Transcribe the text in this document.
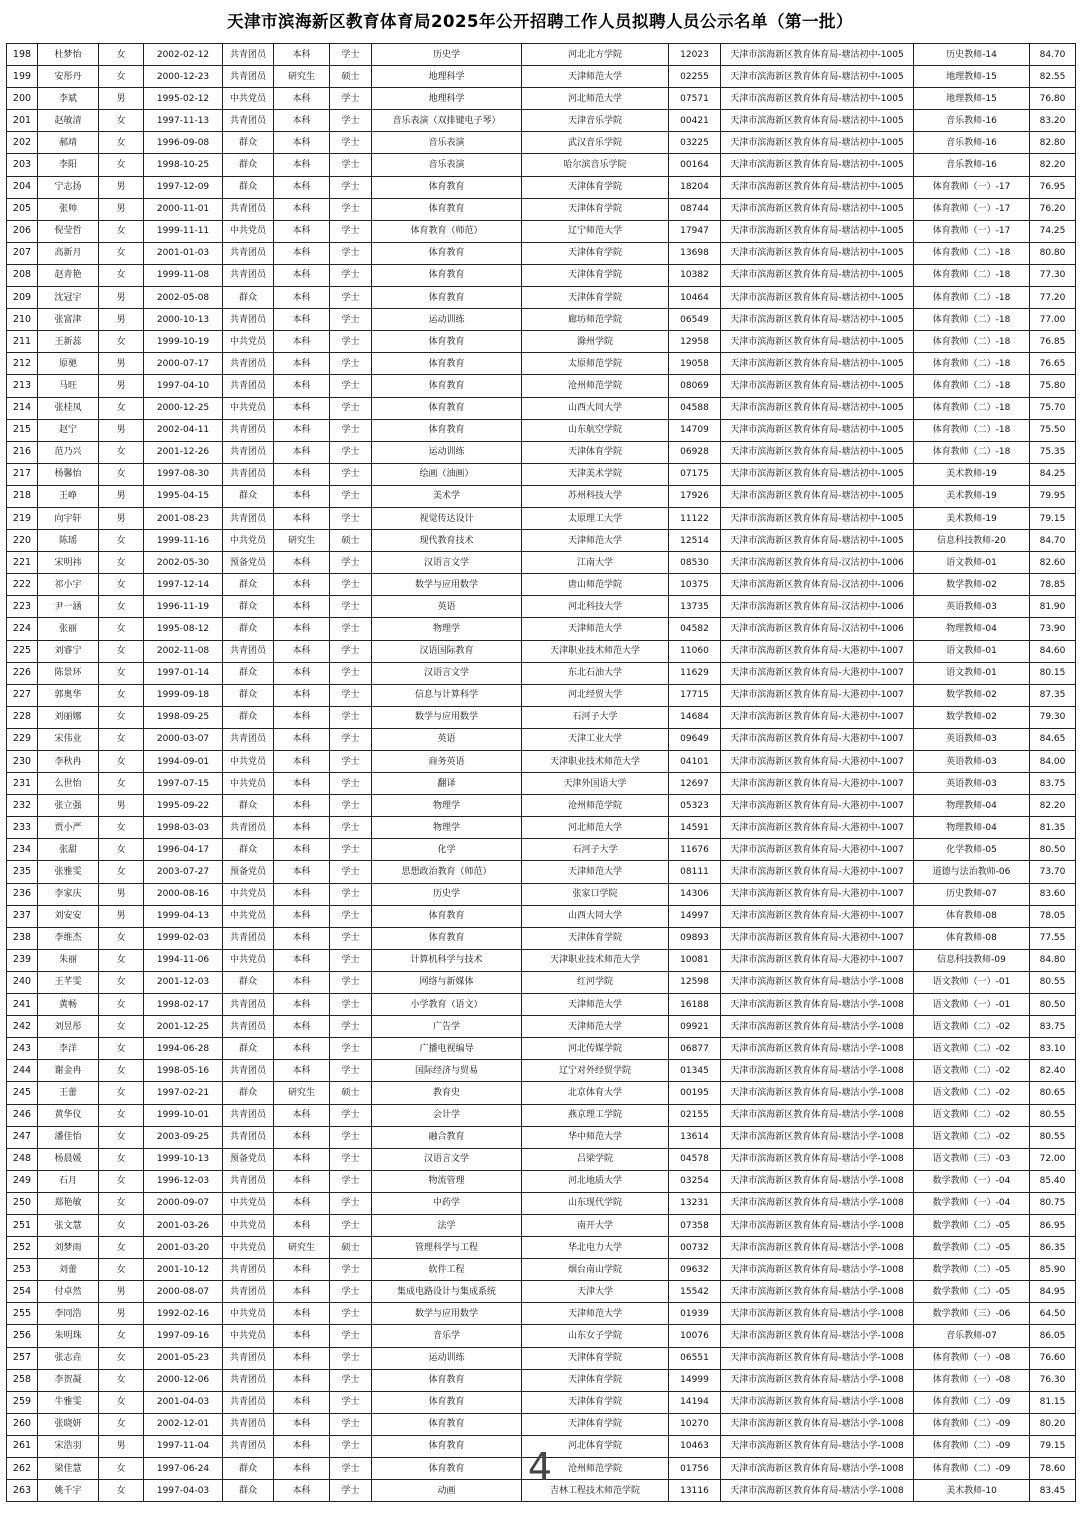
天津市滨海新区教育体育局2025年公开招聘工作人员拟聘人员公示名单（第一批）
198	杜梦怡	女	2002-02-12	共青团员	本科	学士	历史学	河北北方学院	12023	天津市滨海新区教育体育局-塘沽初中-1005	历史教师-14	84.70
199	安彤丹	女	2000-12-23	共青团员	研究生	硕士	地理科学	天津师范大学	02255	天津市滨海新区教育体育局-塘沽初中-1005	地理教师-15	82.55
200	李斌	男	1995-02-12	中共党员	本科	学士	地理科学	河北师范大学	07571	天津市滨海新区教育体育局-塘沽初中-1005	地理教师-15	76.80
201	赵敏清	女	1997-11-13	共青团员	本科	学士	音乐表演（双排键电子琴）	天津音乐学院	00421	天津市滨海新区教育体育局-塘沽初中-1005	音乐教师-16	83.20
202	郝靖	女	1996-09-08	群众	本科	学士	音乐表演	武汉音乐学院	03225	天津市滨海新区教育体育局-塘沽初中-1005	音乐教师-16	82.80
203	李阳	女	1998-10-25	群众	本科	学士	音乐表演	哈尔滨音乐学院	00164	天津市滨海新区教育体育局-塘沽初中-1005	音乐教师-16	82.20
204	宁志扬	男	1997-12-09	群众	本科	学士	体育教育	天津体育学院	18204	天津市滨海新区教育体育局-塘沽初中-1005	体育教师（一）-17	76.95
205	张帅	男	2000-11-01	共青团员	本科	学士	体育教育	天津体育学院	08744	天津市滨海新区教育体育局-塘沽初中-1005	体育教师（一）-17	76.20
206	倪莹哲	女	1999-11-11	中共党员	本科	学士	体育教育（师范）	辽宁师范大学	17947	天津市滨海新区教育体育局-塘沽初中-1005	体育教师（一）-17	74.25
207	高新月	女	2001-01-03	共青团员	本科	学士	体育教育	天津体育学院	13698	天津市滨海新区教育体育局-塘沽初中-1005	体育教师（二）-18	80.80
208	赵青艳	女	1999-11-08	共青团员	本科	学士	体育教育	天津体育学院	10382	天津市滨海新区教育体育局-塘沽初中-1005	体育教师（二）-18	77.30
209	沈冠宇	男	2002-05-08	群众	本科	学士	体育教育	天津体育学院	10464	天津市滨海新区教育体育局-塘沽初中-1005	体育教师（二）-18	77.20
210	张富津	男	2000-10-13	共青团员	本科	学士	运动训练	廊坊师范学院	06549	天津市滨海新区教育体育局-塘沽初中-1005	体育教师（二）-18	77.00
211	王新蕊	女	1999-10-19	中共党员	本科	学士	体育教育	滁州学院	12958	天津市滨海新区教育体育局-塘沽初中-1005	体育教师（二）-18	76.85
212	原驰	男	2000-07-17	共青团员	本科	学士	体育教育	太原师范学院	19058	天津市滨海新区教育体育局-塘沽初中-1005	体育教师（二）-18	76.65
213	马旺	男	1997-04-10	共青团员	本科	学士	体育教育	沧州师范学院	08069	天津市滨海新区教育体育局-塘沽初中-1005	体育教师（二）-18	75.80
214	张桂凤	女	2000-12-25	中共党员	本科	学士	体育教育	山西大同大学	04588	天津市滨海新区教育体育局-塘沽初中-1005	体育教师（二）-18	75.70
215	赵宁	男	2002-04-11	共青团员	本科	学士	体育教育	山东航空学院	14709	天津市滨海新区教育体育局-塘沽初中-1005	体育教师（二）-18	75.50
216	范乃兴	女	2001-12-26	共青团员	本科	学士	运动训练	天津体育学院	06928	天津市滨海新区教育体育局-塘沽初中-1005	体育教师（二）-18	75.35
217	杨馨怡	女	1997-08-30	共青团员	本科	学士	绘画（油画）	天津美术学院	07175	天津市滨海新区教育体育局-塘沽初中-1005	美术教师-19	84.25
218	王峥	男	1995-04-15	群众	本科	学士	美术学	苏州科技大学	17926	天津市滨海新区教育体育局-塘沽初中-1005	美术教师-19	79.95
219	向宇轩	男	2001-08-23	共青团员	本科	学士	视觉传达设计	太原理工大学	11122	天津市滨海新区教育体育局-塘沽初中-1005	美术教师-19	79.15
220	陈瑶	女	1999-11-16	中共党员	研究生	硕士	现代教育技术	天津师范大学	12514	天津市滨海新区教育体育局-塘沽初中-1005	信息科技教师-20	84.70
221	宋明祎	女	2002-05-30	预备党员	本科	学士	汉语言文学	江南大学	08530	天津市滨海新区教育体育局-汉沽初中-1006	语文教师-01	82.60
222	祁小宇	女	1997-12-14	群众	本科	学士	数学与应用数学	唐山师范学院	10375	天津市滨海新区教育体育局-汉沽初中-1006	数学教师-02	78.85
223	尹一涵	女	1996-11-19	群众	本科	学士	英语	河北科技大学	13735	天津市滨海新区教育体育局-汉沽初中-1006	英语教师-03	81.90
224	张丽	女	1995-08-12	群众	本科	学士	物理学	天津师范大学	04582	天津市滨海新区教育体育局-汉沽初中-1006	物理教师-04	73.90
225	刘睿宁	女	2002-11-08	共青团员	本科	学士	汉语国际教育	天津职业技术师范大学	11060	天津市滨海新区教育体育局-大港初中-1007	语文教师-01	84.60
226	陈景环	女	1997-01-14	群众	本科	学士	汉语言文学	东北石油大学	11629	天津市滨海新区教育体育局-大港初中-1007	语文教师-01	80.15
227	郭奥华	女	1999-09-18	群众	本科	学士	信息与计算科学	河北经贸大学	17715	天津市滨海新区教育体育局-大港初中-1007	数学教师-02	87.35
228	刘丽娜	女	1998-09-25	群众	本科	学士	数学与应用数学	石河子大学	14684	天津市滨海新区教育体育局-大港初中-1007	数学教师-02	79.30
229	宋伟业	女	2000-03-07	共青团员	本科	学士	英语	天津工业大学	09649	天津市滨海新区教育体育局-大港初中-1007	英语教师-03	84.65
230	李秋冉	女	1994-09-01	中共党员	本科	学士	商务英语	天津职业技术师范大学	04101	天津市滨海新区教育体育局-大港初中-1007	英语教师-03	84.00
231	么世怡	女	1997-07-15	中共党员	本科	学士	翻译	天津外国语大学	12697	天津市滨海新区教育体育局-大港初中-1007	英语教师-03	83.75
232	张立强	男	1995-09-22	群众	本科	学士	物理学	沧州师范学院	05323	天津市滨海新区教育体育局-大港初中-1007	物理教师-04	82.20
233	贾小严	女	1998-03-03	共青团员	本科	学士	物理学	河北师范大学	14591	天津市滨海新区教育体育局-大港初中-1007	物理教师-04	81.35
234	张甜	女	1996-04-17	群众	本科	学士	化学	石河子大学	11676	天津市滨海新区教育体育局-大港初中-1007	化学教师-05	80.50
235	张雅雯	女	2003-07-27	预备党员	本科	学士	思想政治教育（师范）	天津师范大学	08111	天津市滨海新区教育体育局-大港初中-1007	道德与法治教师-06	73.70
236	李家庆	男	2000-08-16	中共党员	本科	学士	历史学	张家口学院	14306	天津市滨海新区教育体育局-大港初中-1007	历史教师-07	83.60
237	刘安安	男	1999-04-13	中共党员	本科	学士	体育教育	山西大同大学	14997	天津市滨海新区教育体育局-大港初中-1007	体育教师-08	78.05
238	李维杰	女	1999-02-03	共青团员	本科	学士	体育教育	天津体育学院	09893	天津市滨海新区教育体育局-大港初中-1007	体育教师-08	77.55
239	朱丽	女	1994-11-06	中共党员	本科	学士	计算机科学与技术	天津职业技术师范大学	10081	天津市滨海新区教育体育局-大港初中-1007	信息科技教师-09	84.80
240	王芊雯	女	2001-12-03	群众	本科	学士	网络与新媒体	红河学院	12598	天津市滨海新区教育体育局-塘沽小学-1008	语文教师（一）-01	80.55
241	黄畅	女	1998-02-17	共青团员	本科	学士	小学教育（语文）	天津师范大学	16188	天津市滨海新区教育体育局-塘沽小学-1008	语文教师（一）-01	80.50
242	刘昱彤	女	2001-12-25	共青团员	本科	学士	广告学	天津师范大学	09921	天津市滨海新区教育体育局-塘沽小学-1008	语文教师（二）-02	83.75
243	李洋	女	1994-06-28	群众	本科	学士	广播电视编导	河北传媒学院	06877	天津市滨海新区教育体育局-塘沽小学-1008	语文教师（二）-02	83.10
244	谢金冉	女	1998-05-16	共青团员	本科	学士	国际经济与贸易	辽宁对外经贸学院	01345	天津市滨海新区教育体育局-塘沽小学-1008	语文教师（二）-02	82.40
245	王蕾	女	1997-02-21	群众	研究生	硕士	教育史	北京体育大学	00195	天津市滨海新区教育体育局-塘沽小学-1008	语文教师（二）-02	80.65
246	黄华仪	女	1999-10-01	共青团员	本科	学士	会计学	燕京理工学院	02155	天津市滨海新区教育体育局-塘沽小学-1008	语文教师（二）-02	80.55
247	潘佳怡	女	2003-09-25	共青团员	本科	学士	融合教育	华中师范大学	13614	天津市滨海新区教育体育局-塘沽小学-1008	语文教师（二）-02	80.55
248	杨晨媛	女	1999-10-13	预备党员	本科	学士	汉语言文学	吕梁学院	04578	天津市滨海新区教育体育局-塘沽小学-1008	语文教师（三）-03	72.00
249	石月	女	1996-12-03	共青团员	本科	学士	物流管理	河北地质大学	03254	天津市滨海新区教育体育局-塘沽小学-1008	数学教师（一）-04	85.40
250	郑艳敏	女	2000-09-07	中共党员	本科	学士	中药学	山东现代学院	13231	天津市滨海新区教育体育局-塘沽小学-1008	数学教师（一）-04	80.75
251	张文慧	女	2001-03-26	中共党员	本科	学士	法学	南开大学	07358	天津市滨海新区教育体育局-塘沽小学-1008	数学教师（二）-05	86.95
252	刘梦雨	女	2001-03-20	中共党员	研究生	硕士	管理科学与工程	华北电力大学	00732	天津市滨海新区教育体育局-塘沽小学-1008	数学教师（二）-05	86.35
253	刘蕾	女	2001-10-12	共青团员	本科	学士	软件工程	烟台南山学院	09632	天津市滨海新区教育体育局-塘沽小学-1008	数学教师（二）-05	85.90
254	付卓然	男	2000-08-07	共青团员	本科	学士	集成电路设计与集成系统	天津大学	15542	天津市滨海新区教育体育局-塘沽小学-1008	数学教师（二）-05	84.95
255	李同浩	男	1992-02-16	中共党员	本科	学士	数学与应用数学	天津师范大学	01939	天津市滨海新区教育体育局-塘沽小学-1008	数学教师（三）-06	64.50
256	朱明珠	女	1997-09-16	中共党员	本科	学士	音乐学	山东女子学院	10076	天津市滨海新区教育体育局-塘沽小学-1008	音乐教师-07	86.05
257	张志垚	女	2001-05-23	共青团员	本科	学士	运动训练	天津体育学院	06551	天津市滨海新区教育体育局-塘沽小学-1008	体育教师（一）-08	76.60
258	李贺凝	女	2000-12-06	共青团员	本科	学士	体育教育	天津体育学院	14999	天津市滨海新区教育体育局-塘沽小学-1008	体育教师（一）-08	76.30
259	牛雅雯	女	2001-04-03	共青团员	本科	学士	体育教育	天津体育学院	14194	天津市滨海新区教育体育局-塘沽小学-1008	体育教师（二）-09	81.15
260	张晓妍	女	2002-12-01	共青团员	本科	学士	体育教育	天津体育学院	10270	天津市滨海新区教育体育局-塘沽小学-1008	体育教师（二）-09	80.20
261	宋浩羽	男	1997-11-04	共青团员	本科	学士	体育教育	河北体育学院	10463	天津市滨海新区教育体育局-塘沽小学-1008	体育教师（二）-09	79.15
262	梁佳慧	女	1997-06-24	群众	本科	学士	体育教育	沧州师范学院	01756	天津市滨海新区教育体育局-塘沽小学-1008	体育教师（二）-09	78.60
263	姚千宇	女	1997-04-03	群众	本科	学士	动画	吉林工程技术师范学院	13116	天津市滨海新区教育体育局-塘沽小学-1008	美术教师-10	83.45
4
